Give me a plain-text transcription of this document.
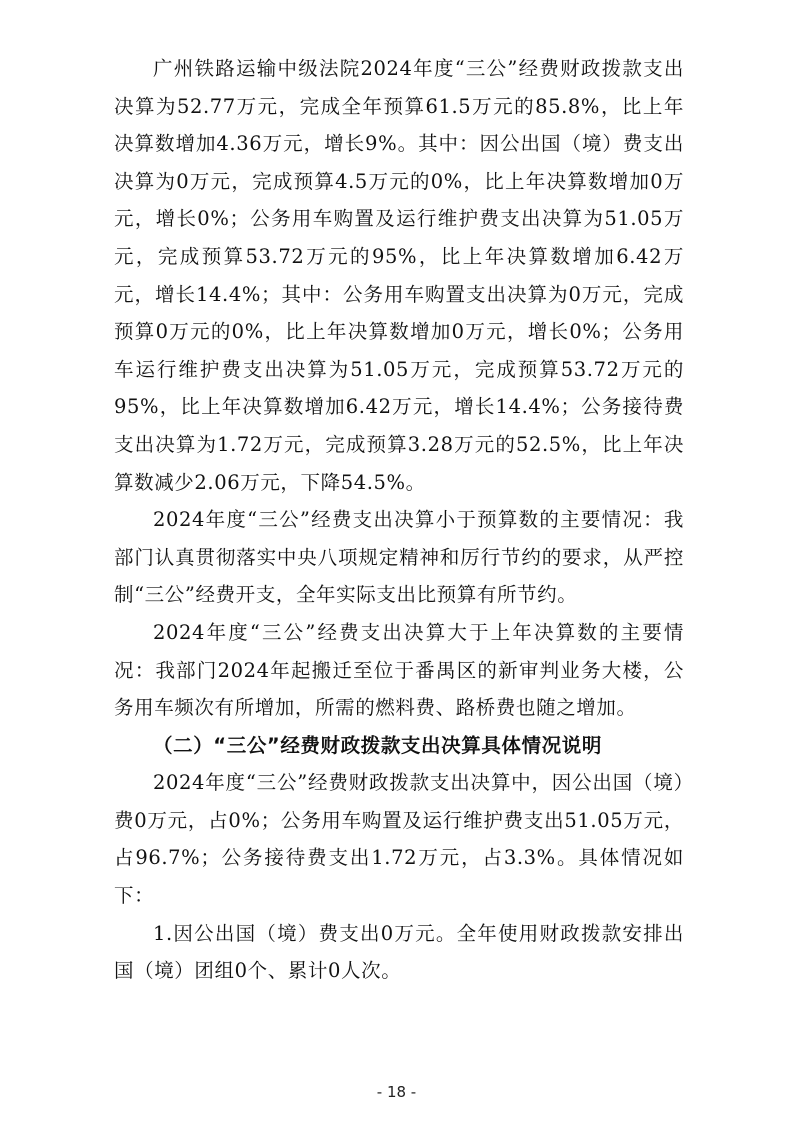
广州铁路运输中级法院2024年度“三公”经费财政拨款支出决算为52.77万元，完成全年预算61.5万元的85.8%，比上年决算数增加4.36万元，增长9%。其中：因公出国（境）费支出决算为0万元，完成预算4.5万元的0%，比上年决算数增加0万元，增长0%；公务用车购置及运行维护费支出决算为51.05万元，完成预算53.72万元的95%，比上年决算数增加6.42万元，增长14.4%；其中：公务用车购置支出决算为0万元，完成预算0万元的0%，比上年决算数增加0万元，增长0%；公务用车运行维护费支出决算为51.05万元，完成预算53.72万元的95%，比上年决算数增加6.42万元，增长14.4%；公务接待费支出决算为1.72万元，完成预算3.28万元的52.5%，比上年决算数减少2.06万元，下降54.5%。

2024年度“三公”经费支出决算小于预算数的主要情况：我部门认真贯彻落实中央八项规定精神和厉行节约的要求，从严控制“三公”经费开支，全年实际支出比预算有所节约。

2024年度“三公”经费支出决算大于上年决算数的主要情况：我部门2024年起搬迁至位于番禺区的新审判业务大楼，公务用车频次有所增加，所需的燃料费、路桥费也随之增加。

（二）“三公”经费财政拨款支出决算具体情况说明

2024年度“三公”经费财政拨款支出决算中，因公出国（境）费0万元，占0%；公务用车购置及运行维护费支出51.05万元，占96.7%；公务接待费支出1.72万元，占3.3%。具体情况如下：

1.因公出国（境）费支出0万元。全年使用财政拨款安排出国（境）团组0个、累计0人次。

- 18 -
